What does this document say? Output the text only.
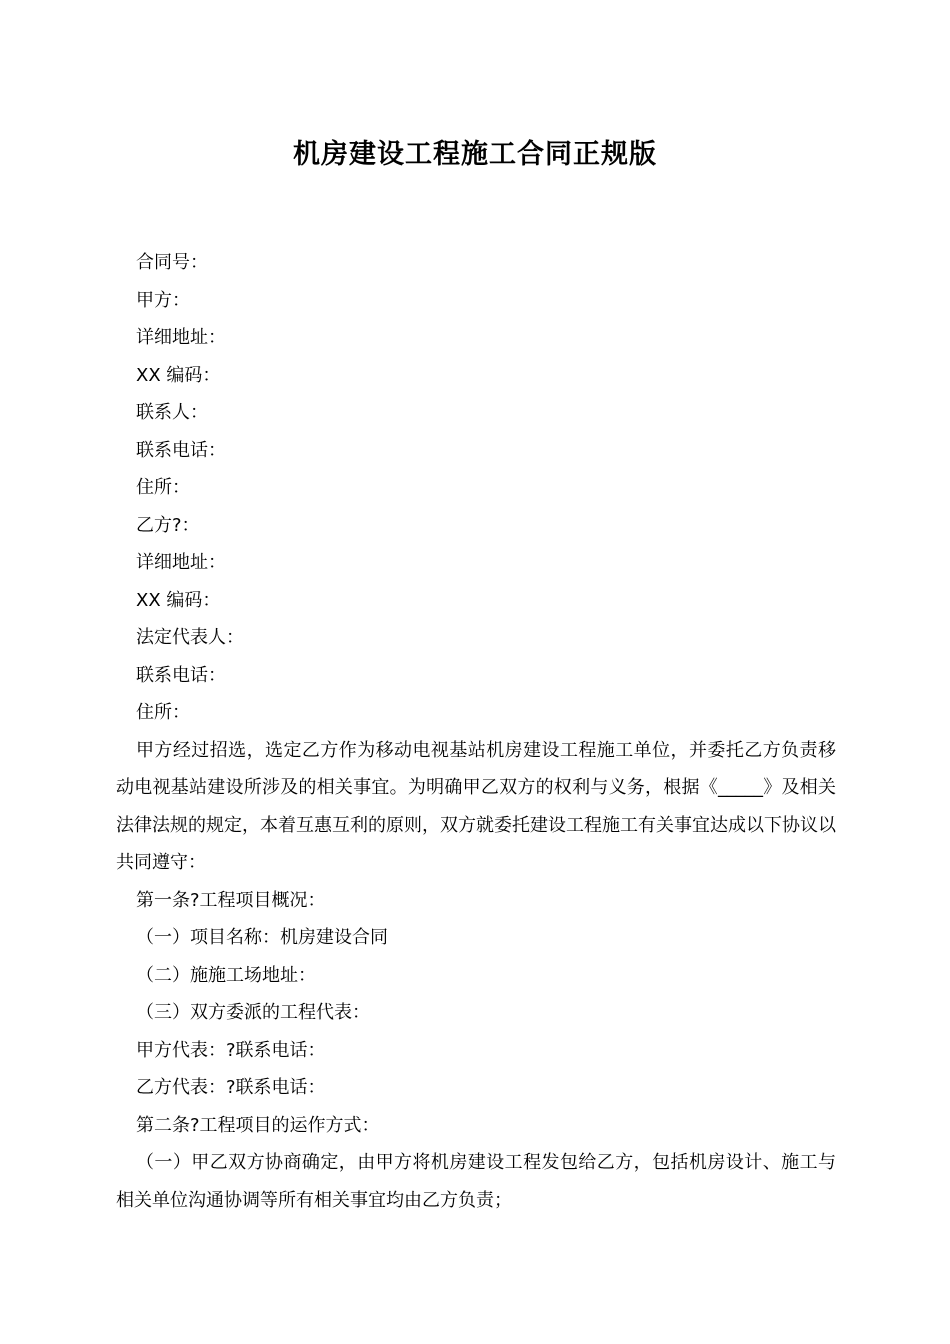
机房建设工程施工合同正规版

合同号：

甲方：

详细地址：

XX 编码：

联系人：

联系电话：

住所：

乙方?：

详细地址：

XX 编码：

法定代表人：

联系电话：

住所：

甲方经过招选，选定乙方作为移动电视基站机房建设工程施工单位，并委托乙方负责移动电视基站建设所涉及的相关事宜。为明确甲乙双方的权利与义务，根据《_____》及相关法律法规的规定，本着互惠互利的原则，双方就委托建设工程施工有关事宜达成以下协议以共同遵守：

第一条?工程项目概况：

（一）项目名称：机房建设合同

（二）施施工场地址：

（三）双方委派的工程代表：

甲方代表：?联系电话：

乙方代表：?联系电话：

第二条?工程项目的运作方式：

（一）甲乙双方协商确定，由甲方将机房建设工程发包给乙方，包括机房设计、施工与相关单位沟通协调等所有相关事宜均由乙方负责；
